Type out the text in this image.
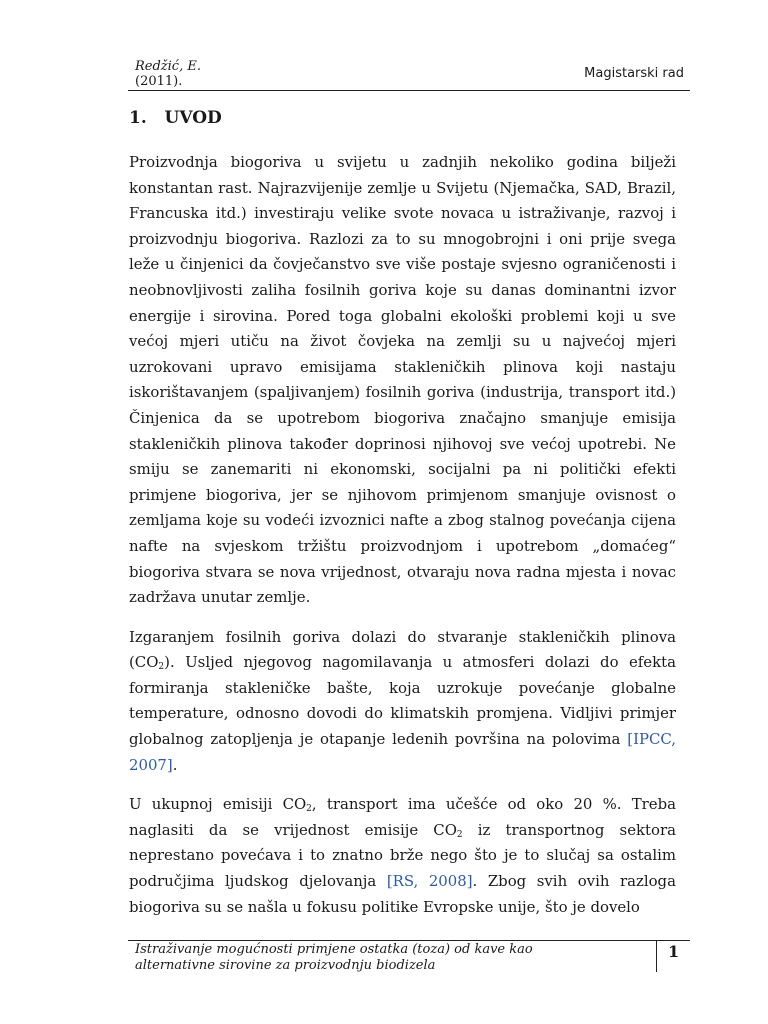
Redžić, E.
(2011).
Magistarski rad
1.   UVOD

Proizvodnja biogoriva u svijetu u zadnjih nekoliko godina bilježi konstantan rast. Najrazvijenije zemlje u Svijetu (Njemačka, SAD, Brazil, Francuska itd.) investiraju velike svote novaca u istraživanje, razvoj i proizvodnju biogoriva. Razlozi za to su mnogobrojni i oni prije svega leže u činjenici da čovječanstvo sve više postaje svjesno ograničenosti i neobnovljivosti zaliha fosilnih goriva koje su danas dominantni izvor energije i sirovina. Pored toga globalni ekološki problemi koji u sve većoj mjeri utiču na život čovjeka na zemlji su u najvećoj mjeri uzrokovani upravo emisijama stakleničkih plinova koji nastaju iskorištavanjem (spaljivanjem) fosilnih goriva (industrija, transport itd.) Činjenica da se upotrebom biogoriva značajno smanjuje emisija stakleničkih plinova također doprinosi njihovoj sve većoj upotrebi. Ne smiju se zanemariti ni ekonomski, socijalni pa ni politički efekti primjene biogoriva, jer se njihovom primjenom smanjuje ovisnost o zemljama koje su vodeći izvoznici nafte a zbog stalnog povećanja cijena nafte na svjeskom tržištu proizvodnjom i upotrebom „domaćeg“ biogoriva stvara se nova vrijednost, otvaraju nova radna mjesta i novac zadržava unutar zemlje.

Izgaranjem fosilnih goriva dolazi do stvaranje stakleničkih plinova $(CO_2)$. Usljed njegovog nagomilavanja u atmosferi dolazi do efekta formiranja stakleničke bašte, koja uzrokuje povećanje globalne temperature, odnosno dovodi do klimatskih promjena. Vidljivi primjer globalnog zatopljenja je otapanje ledenih površina na polovima [IPCC, 2007].

U ukupnoj emisiji $CO_2$, transport ima učešće od oko 20 %. Treba naglasiti da se vrijednost emisije $CO_2$ iz transportnog sektora neprestano povećava i to znatno brže nego što je to slučaj sa ostalim područjima ljudskog djelovanja [RS, 2008]. Zbog svih ovih razloga biogoriva su se našla u fokusu politike Evropske unije, što je dovelo

Istraživanje mogućnosti primjene ostatka (toza) od kave kao
alternativne sirovine za proizvodnju biodizela
1
